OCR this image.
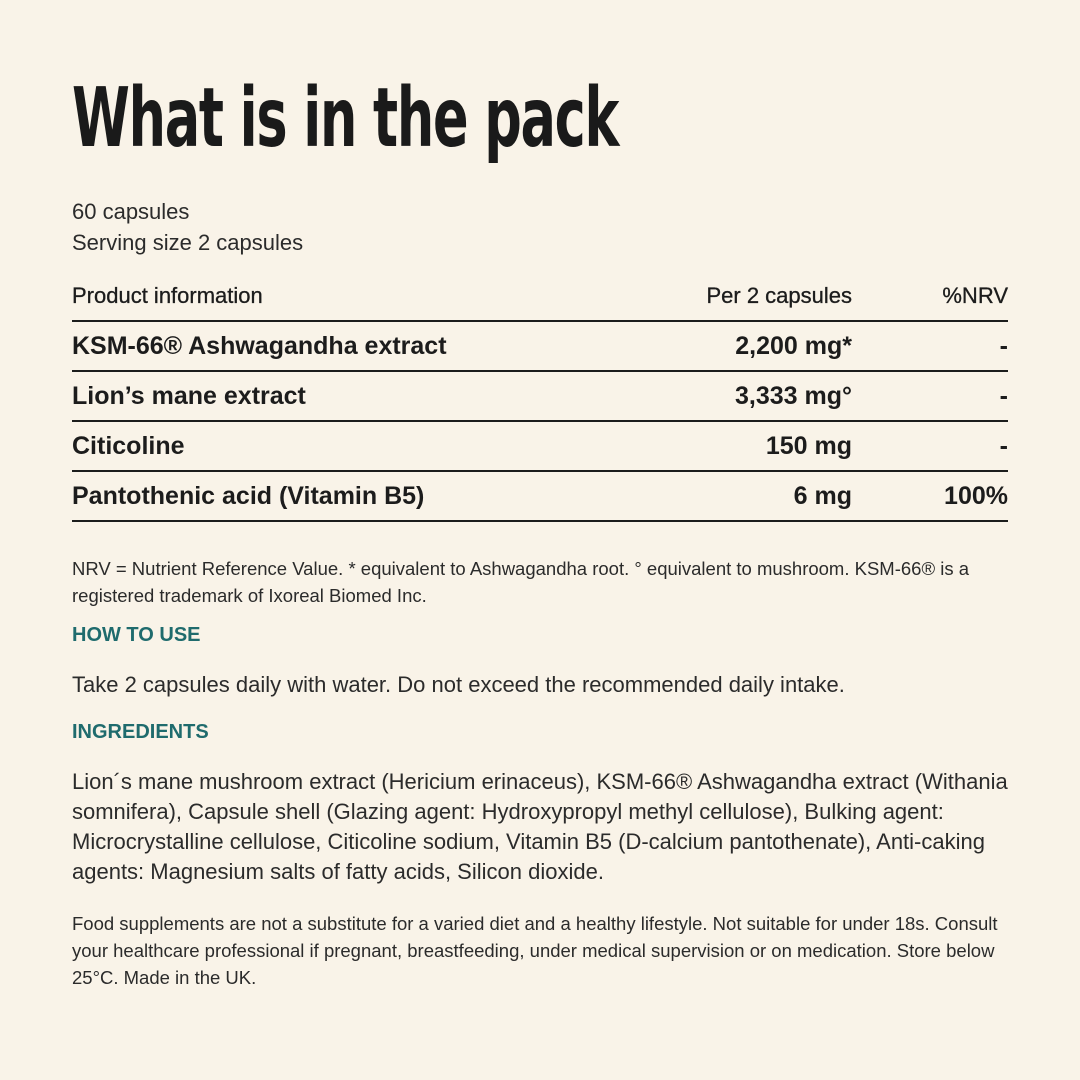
What is in the pack
60 capsules
Serving size 2 capsules
Product information	Per 2 capsules	%NRV
KSM-66® Ashwagandha extract	2,200 mg*	-
Lion’s mane extract	3,333 mg°	-
Citicoline	150 mg	-
Pantothenic acid (Vitamin B5)	6 mg	100%
NRV = Nutrient Reference Value. * equivalent to Ashwagandha root. ° equivalent to mushroom. KSM-66® is a registered trademark of Ixoreal Biomed Inc.
HOW TO USE
Take 2 capsules daily with water. Do not exceed the recommended daily intake.
INGREDIENTS
Lion´s mane mushroom extract (Hericium erinaceus), KSM-66® Ashwagandha extract (Withania somnifera), Capsule shell (Glazing agent: Hydroxypropyl methyl cellulose), Bulking agent: Microcrystalline cellulose, Citicoline sodium, Vitamin B5 (D-calcium pantothenate), Anti-caking agents: Magnesium salts of fatty acids, Silicon dioxide.
Food supplements are not a substitute for a varied diet and a healthy lifestyle. Not suitable for under 18s. Consult your healthcare professional if pregnant, breastfeeding, under medical supervision or on medication. Store below 25°C. Made in the UK.
